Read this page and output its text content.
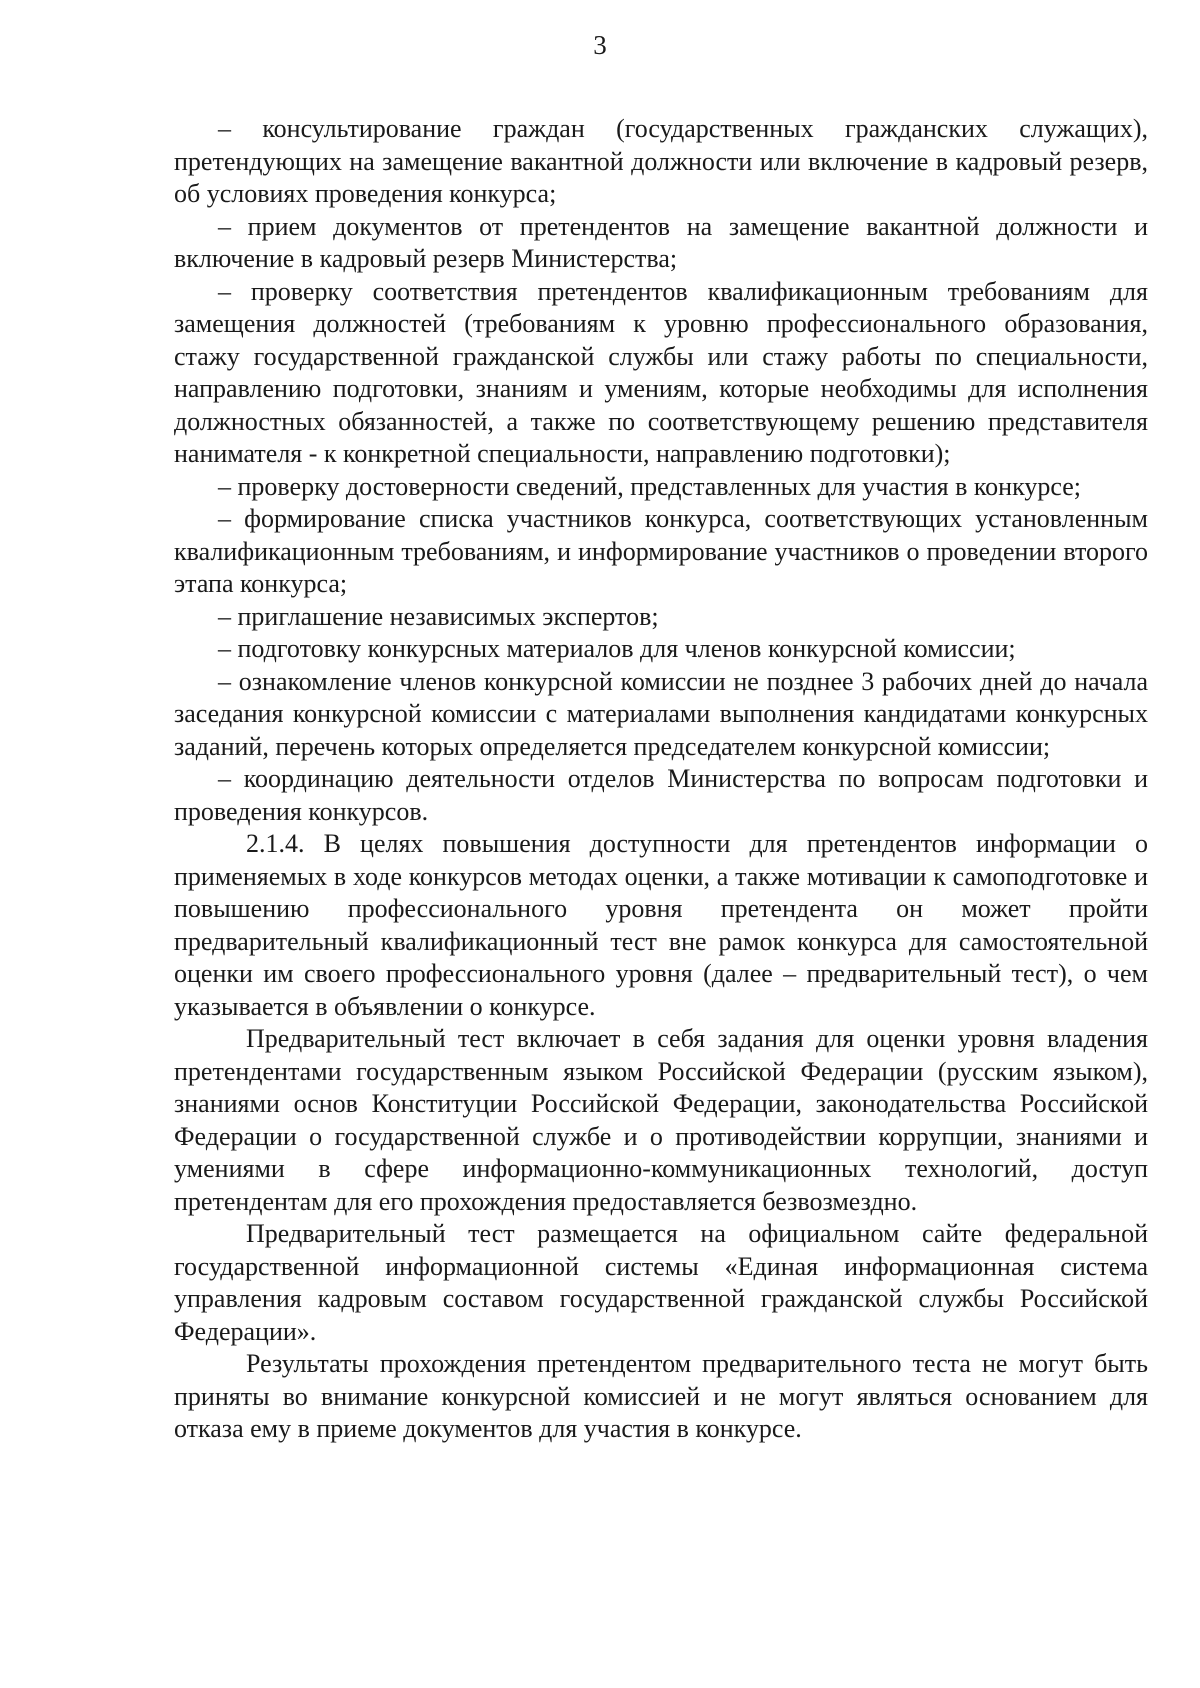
3

– консультирование граждан (государственных гражданских служащих), претендующих на замещение вакантной должности или включение в кадровый резерв, об условиях проведения конкурса;

– прием документов от претендентов на замещение вакантной должности и включение в кадровый резерв Министерства;

– проверку соответствия претендентов квалификационным требованиям для замещения должностей (требованиям к уровню профессионального образования, стажу государственной гражданской службы или стажу работы по специальности, направлению подготовки, знаниям и умениям, которые необходимы для исполнения должностных обязанностей, а также по соответствующему решению представителя нанимателя - к конкретной специальности, направлению подготовки);

– проверку достоверности сведений, представленных для участия в конкурсе;

– формирование списка участников конкурса, соответствующих установленным квалификационным требованиям, и информирование участников о проведении второго этапа конкурса;

– приглашение независимых экспертов;

– подготовку конкурсных материалов для членов конкурсной комиссии;

– ознакомление членов конкурсной комиссии не позднее 3 рабочих дней до начала заседания конкурсной комиссии с материалами выполнения кандидатами конкурсных заданий, перечень которых определяется председателем конкурсной комиссии;

– координацию деятельности отделов Министерства по вопросам подготовки и проведения конкурсов.

2.1.4. В целях повышения доступности для претендентов информации о применяемых в ходе конкурсов методах оценки, а также мотивации к самоподготовке и повышению профессионального уровня претендента он может пройти предварительный квалификационный тест вне рамок конкурса для самостоятельной оценки им своего профессионального уровня (далее – предварительный тест), о чем указывается в объявлении о конкурсе.

Предварительный тест включает в себя задания для оценки уровня владения претендентами государственным языком Российской Федерации (русским языком), знаниями основ Конституции Российской Федерации, законодательства Российской Федерации о государственной службе и о противодействии коррупции, знаниями и умениями в сфере информационно-коммуникационных технологий, доступ претендентам для его прохождения предоставляется безвозмездно.

Предварительный тест размещается на официальном сайте федеральной государственной информационной системы «Единая информационная система управления кадровым составом государственной гражданской службы Российской Федерации».

Результаты прохождения претендентом предварительного теста не могут быть приняты во внимание конкурсной комиссией и не могут являться основанием для отказа ему в приеме документов для участия в конкурсе.
